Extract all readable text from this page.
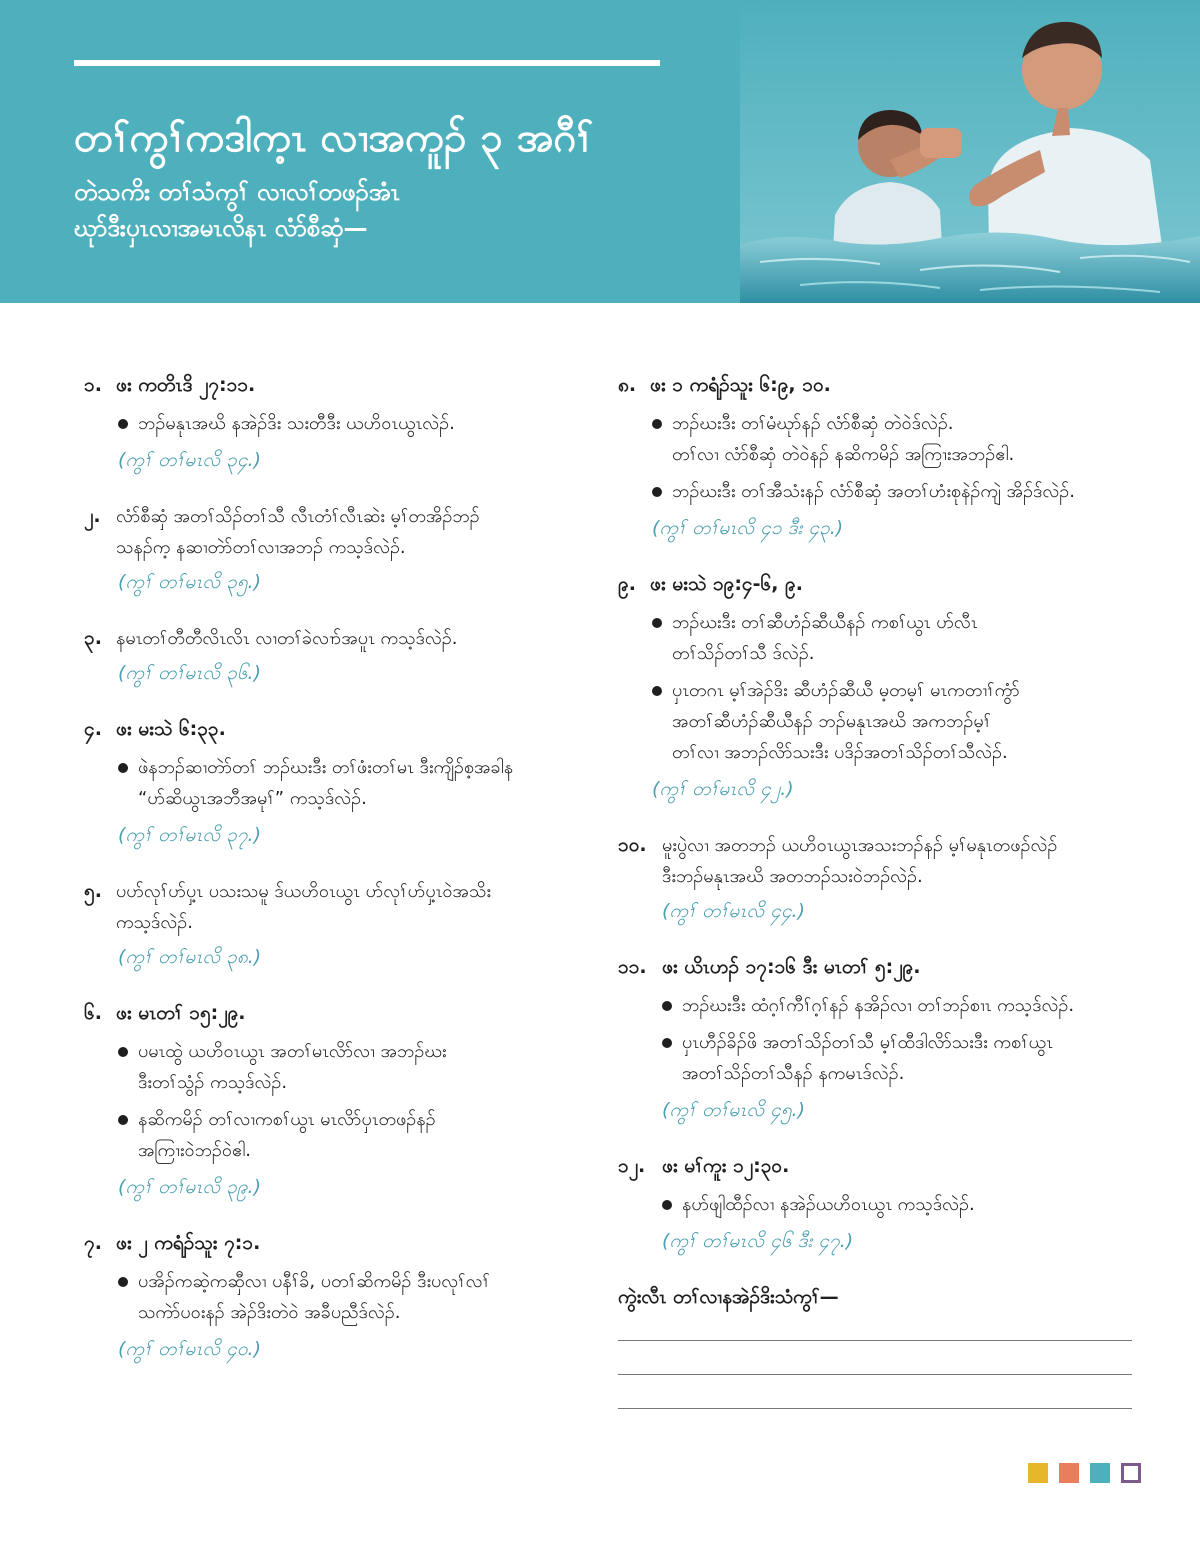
တၢ်ကွၢ်ကဒါက့ၤ လၢအကူၣ် ၃ အဂီၢ်
တဲသကိး တၢ်သံကွၢ် လၢလၢ်တဖၣ်အံၤ
ဃုာ်ဒီးပှၤလၢအမၤလိနၤ လံာ်စီဆှံ—
၁. ဖး ကတိၤဒိ ၂၇:၁၁.
ဘၣ်မနုၤအဃိ နအဲၣ်ဒိး သးတီဒီး ယဟိဝၤယွၤလဲၣ်.
(ကွၢ် တၢ်မၤလိ ၃၄.)
၂. လံာ်စီဆှံ အတၢ်သိၣ်တၢ်သီ လီၤတံၢ်လီၤဆဲး မ့ၢ်တအိၣ်ဘၣ်
သနၣ်က့ နဆၢတဲာ်တၢ်လၢအဘၣ် ကသ့ဒ်လဲၣ်.
(ကွၢ် တၢ်မၤလိ ၃၅.)
၃. နမၤတၢ်တီတီလိၤလိၤ လၢတၢ်ခဲလၢာ်အပူၤ ကသ့ဒ်လဲၣ်.
(ကွၢ် တၢ်မၤလိ ၃၆.)
၄. ဖး မးသဲ ၆:၃၃.
ဖဲနဘၣ်ဆၢတဲာ်တၢ် ဘၣ်ဃးဒီး တၢ်ဖံးတၢ်မၤ ဒီးကျိၣ်စ့အခါန
“ပာ်ဆိယွၤအဘီအမုၢ်” ကသ့ဒ်လဲၣ်.
(ကွၢ် တၢ်မၤလိ ၃၇.)
၅. ပပာ်လုၢ်ပာ်ပှ့ၤ ပသးသမူ ဒ်ယဟိဝၤယွၤ ပာ်လုၢ်ပာ်ပှ့ၤဝဲအသိး
ကသ့ဒ်လဲၣ်.
(ကွၢ် တၢ်မၤလိ ၃၈.)
၆. ဖး မၤတၢ် ၁၅:၂၉.
ပမၤထွဲ ယဟိဝၤယွၤ အတၢ်မၤလိာ်လၢ အဘၣ်ဃး
ဒီးတၢ်သွံၣ် ကသ့ဒ်လဲၣ်.
နဆိကမိၣ် တၢ်လၢကစၢ်ယွၤ မၤလိာ်ပှၤတဖၣ်နၣ်
အကြၢးဝဲဘၣ်ဝဲဧါ.
(ကွၢ် တၢ်မၤလိ ၃၉.)
၇. ဖး ၂ ကရံၣ်သူး ၇:၁.
ပအိၣ်ကဆဲ့ကဆှီလၢ ပနီၢ်ခိ, ပတၢ်ဆိကမိၣ် ဒီးပလုၢ်လၢ်
သကဲာ်ပဝးနၣ် အဲၣ်ဒိးတဲဝဲ အခီပညီဒ်လဲၣ်.
(ကွၢ် တၢ်မၤလိ ၄၀.)
၈. ဖး ၁ ကရံၣ်သူး ၆:၉, ၁၀.
ဘၣ်ဃးဒီး တၢ်မံဃုာ်နၣ် လံာ်စီဆှံ တဲဝဲဒ်လဲၣ်.
တၢ်လၢ လံာ်စီဆှံ တဲဝဲနၣ် နဆိကမိၣ် အကြၢးအဘၣ်ဧါ.
ဘၣ်ဃးဒီး တၢ်အီသံးနၣ် လံာ်စီဆှံ အတၢ်ဟံးစုနဲၣ်ကျဲ အိၣ်ဒ်လဲၣ်.
(ကွၢ် တၢ်မၤလိ ၄၁ ဒီး ၄၃.)
၉. ဖး မးသဲ ၁၉:၄-၆, ၉.
ဘၣ်ဃးဒီး တၢ်ဆီဟံၣ်ဆီယီနၣ် ကစၢ်ယွၤ ပာ်လီၤ
တၢ်သိၣ်တၢ်သီ ဒ်လဲၣ်.
ပှၤတဂၤ မ့ၢ်အဲၣ်ဒိး ဆီဟံၣ်ဆီယီ မ့တမ့ၢ် မၤကတၢၢ်ကွံာ်
အတၢ်ဆီဟံၣ်ဆီယီနၣ် ဘၣ်မနုၤအဃိ အကဘၣ်မ့ၢ်
တၢ်လၢ အဘၣ်လိာ်သးဒီး ပဒိၣ်အတၢ်သိၣ်တၢ်သီလဲၣ်.
(ကွၢ် တၢ်မၤလိ ၄၂.)
၁၀. မူးပွဲလၢ အတဘၣ် ယဟိဝၤယွၤအသးဘၣ်နၣ် မ့ၢ်မနုၤတဖၣ်လဲၣ်
ဒီးဘၣ်မနုၤအဃိ အတဘၣ်သးဝဲဘၣ်လဲၣ်.
(ကွၢ် တၢ်မၤလိ ၄၄.)
၁၁. ဖး ယိၤဟၣ် ၁၇:၁၆ ဒီး မၤတၢ် ၅:၂၉.
ဘၣ်ဃးဒီး ထံဂ့ၢ်ကီၢ်ဂ့ၢ်နၣ် နအိၣ်လၢ တၢ်ဘၣ်စၢၤ ကသ့ဒ်လဲၣ်.
ပှၤဟီၣ်ခိၣ်ဖိ အတၢ်သိၣ်တၢ်သီ မ့ၢ်ထီဒါလိာ်သးဒီး ကစၢ်ယွၤ
အတၢ်သိၣ်တၢ်သီနၣ် နကမၤဒ်လဲၣ်.
(ကွၢ် တၢ်မၤလိ ၄၅.)
၁၂. ဖး မၢ်ကူး ၁၂:၃၀.
နပာ်ဖျါထီၣ်လၢ နအဲၣ်ယဟိဝၤယွၤ ကသ့ဒ်လဲၣ်.
(ကွၢ် တၢ်မၤလိ ၄၆ ဒီး ၄၇.)
ကွဲးလီၤ တၢ်လၢနအဲၣ်ဒိးသံကွၢ်—
